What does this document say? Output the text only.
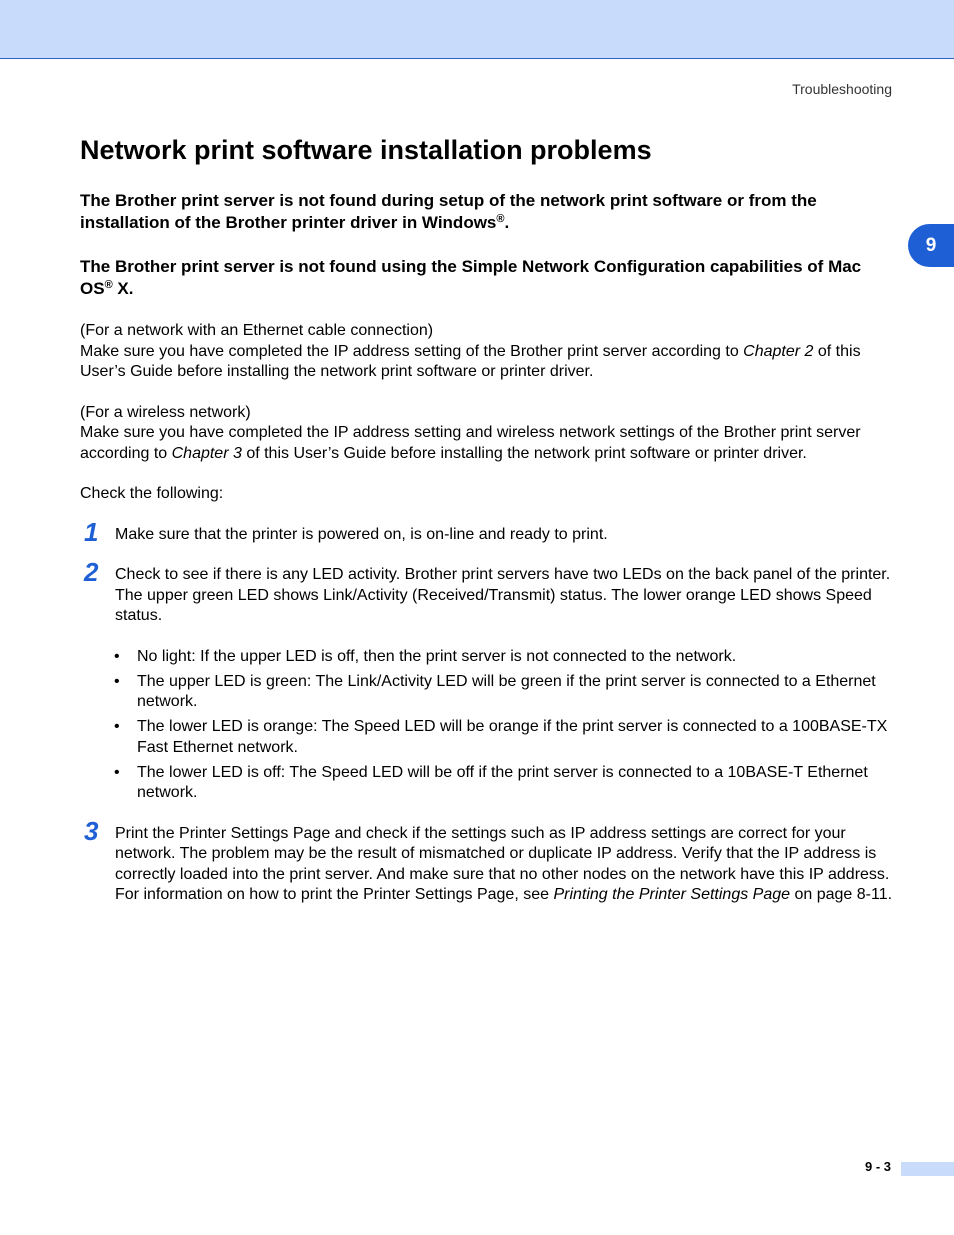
Troubleshooting
9
Network print software installation problems

The Brother print server is not found during setup of the network print software or from the installation of the Brother printer driver in Windows®.

The Brother print server is not found using the Simple Network Configuration capabilities of Mac OS® X.

(For a network with an Ethernet cable connection)

Make sure you have completed the IP address setting of the Brother print server according to Chapter 2 of this User’s Guide before installing the network print software or printer driver.

(For a wireless network)

Make sure you have completed the IP address setting and wireless network settings of the Brother print server according to Chapter 3 of this User’s Guide before installing the network print software or printer driver.

Check the following:

1 Make sure that the printer is powered on, is on-line and ready to print.

2 Check to see if there is any LED activity. Brother print servers have two LEDs on the back panel of the printer. The upper green LED shows Link/Activity (Received/Transmit) status. The lower orange LED shows Speed status.

• No light: If the upper LED is off, then the print server is not connected to the network.
• The upper LED is green: The Link/Activity LED will be green if the print server is connected to a Ethernet network.
• The lower LED is orange: The Speed LED will be orange if the print server is connected to a 100BASE-TX Fast Ethernet network.
• The lower LED is off: The Speed LED will be off if the print server is connected to a 10BASE-T Ethernet network.
3 Print the Printer Settings Page and check if the settings such as IP address settings are correct for your network. The problem may be the result of mismatched or duplicate IP address. Verify that the IP address is correctly loaded into the print server. And make sure that no other nodes on the network have this IP address. For information on how to print the Printer Settings Page, see Printing the Printer Settings Page on page 8-11.

9 - 3
